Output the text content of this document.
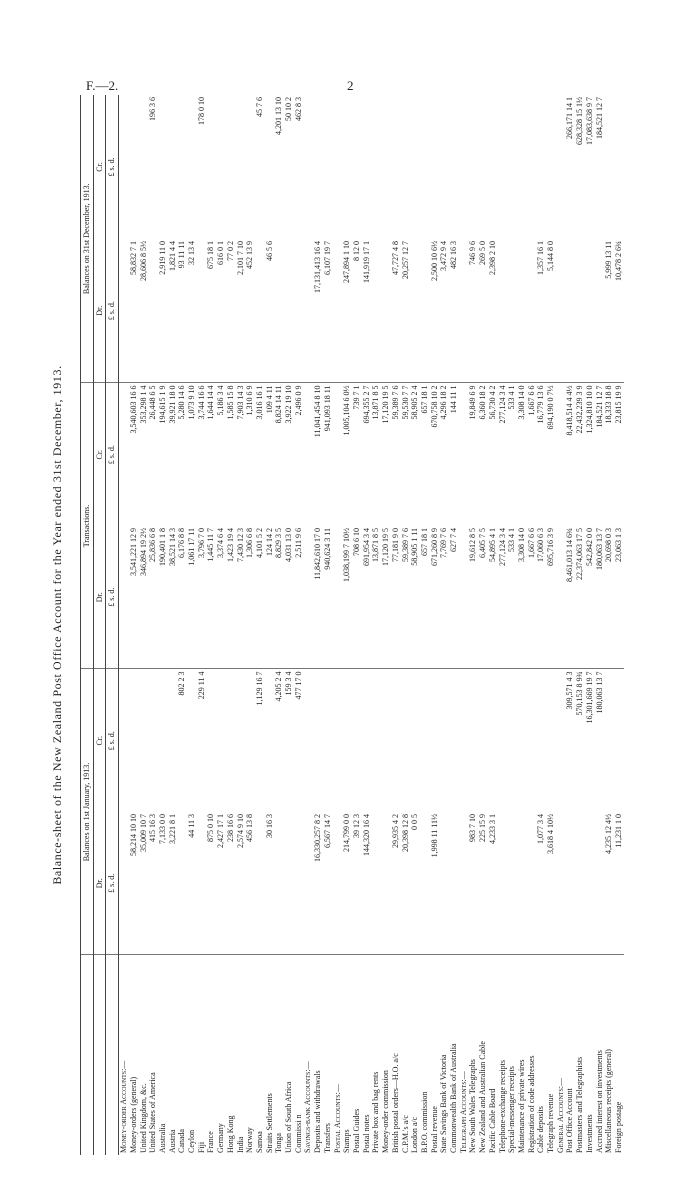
F.—2.	2
Balance-sheet of the New Zealand Post Office Account for the Year ended 31st December, 1913.
	Balances on 1st January, 1913.		Transactions.		Balances on 31st December, 1913.	
	Dr.	Cr.	Dr.	Cr.	Dr.	Cr.
	£ s. d.	£ s. d.	£ s. d.	£ s. d.	£ s. d.	£ s. d.
Money-order Accounts:—						
Money-orders (general)	58,214 10 10		3,541,221 12 9	3,540,603 16 6	58,832 7 1	
United Kingdom, &c.	35,009 10 7		346,894 19 2½	353,298 1 4	28,606 8 5½	
United States of America	415 16 3		25,836 6 8	26,448 6 5		196 3 6
Australia	7,133 0 0		190,401 1 8	194,615 1 9	2,919 11 0	
Austria	3,221 8 1		38,521 14 3	39,921 18 0	1,821 4 4	
Canada		802 2 3	6,176 8 8	5,280 14 6	93 11 11	
Ceylon	44 11 3		1,061 17 11	1,073 9 10	32 13 4	
Fiji		229 11 4	3,796 7 0	3,744 16 6		178 0 10
France	875 0 10		1,445 11 7	1,644 14 4	675 18 1	
Germany	2,427 17 1		3,374 6 4	5,186 3 4	616 0 1	
Hong Kong	238 16 6		1,423 19 4	1,585 15 8	77 0 2	
India	2,574 9 10		7,430 12 3	7,903 14 3	2,101 7 10	
Norway	456 13 8		1,306 6 8	1,310 6 9	452 13 9	
Samoa		1,129 16 7	4,101 5 2	3,016 16 1		45 7 6
Straits Settlements	30 16 3		124 14 2	109 4 11	46 5 6	
Tonga		4,205 2 4	8,829 3 5	8,824 14 11		4,201 13 10
Union of South Africa		159 3 4	4,031 13 0	3,922 19 10		50 10 2
Commissi n		477 17 0	2,511 9 6	2,496 0 9		462 8 3
Savings-bank Accounts:—						
Deposits and withdrawals	16,330,257 8 2		11,842,610 17 0	11,041,454 8 10	17,131,413 16 4	
Transfers	6,567 14 7		940,624 3 11	941,093 18 11	6,107 19 7	
Postal Accounts:—						
Stamps	214,799 0 0		1,038,199 7 10½	1,005,104 6 0½	247,894 1 10	
Postal Guides	39 12 3		708 6 10	739 7 1	8 12 0	
Postal notes	144,320 16 4		691,954 3 4	694,355 2 7	141,919 17 1	
Private box and bag rents			13,871 8 5	13,871 8 5		
Money-order commission			17,120 19 5	17,120 19 5		
British postal orders—H.O. a/c	29,935 4 2		77,181 9 0	59,389 7 6	47,727 4 8	
C.P.M.'s a/c	20,398 12 8		59,389 7 6	59,530 7 7	20,257 12 7	
London a/c	0 0 5		58,905 1 11	58,905 2 4		
B.P.O. commission			657 18 1	657 18 1		
Postal revenue	1,998 11 11½		671,260 8 9	670,758 10 2	2,500 10 6½	
State Savings Bank of Victoria			7,769 7 6	4,296 18 2	3,472 9 4	
Commonwealth Bank of Australia			627 7 4	144 11 1	482 16 3	
Telegraph Accounts:—						
New South Wales Telegraphs	983 7 10		19,612 8 5	19,849 6 9	746 9 6	
New Zealand and Australian Cable	225 15 9		6,405 7 5	6,360 18 2	269 5 0	
Pacific Cable Board	4,233 3 1		54,895 4 1	56,730 4 2	2,398 2 10	
Telephone-exchange receipts			277,124 3 4	277,124 3 4		
Special-messenger receipts			533 4 1	533 4 1		
Maintenance of private wires			3,308 14 0	3,308 14 0		
Registration of code addresses			1,667 6 6	1,667 6 6		
Cable deposits	1,077 3 4		17,060 6 3	16,779 13 6	1,357 16 1	
Telegraph revenue	3,618 4 10½		695,716 3 9	694,190 0 7½	5,144 8 0	
General Accounts:—						
Post Office Account		309,571 4 3	8,461,013 14 6¾	8,418,514 4 4½		266,171 14 1
Postmasters and Telegraphists		570,153 8 9¾	22,374,063 17 5	22,432,239 3 9		628,328 15 1½
Investments		16,301,669 19 7	542,842 0 0	1,324,810 10 0		17,083,638 9 7
Accrued interest on investments		180,063 13 7	180,063 13 7	184,521 12 7		184,521 12 7
Miscellaneous receipts (general)	4,235 12 4½		20,698 0 3	18,333 18 8	5,999 13 11	
Foreign postage	11,231 1 0		23,063 1 3	23,815 19 9	10,478 2 6¾	
